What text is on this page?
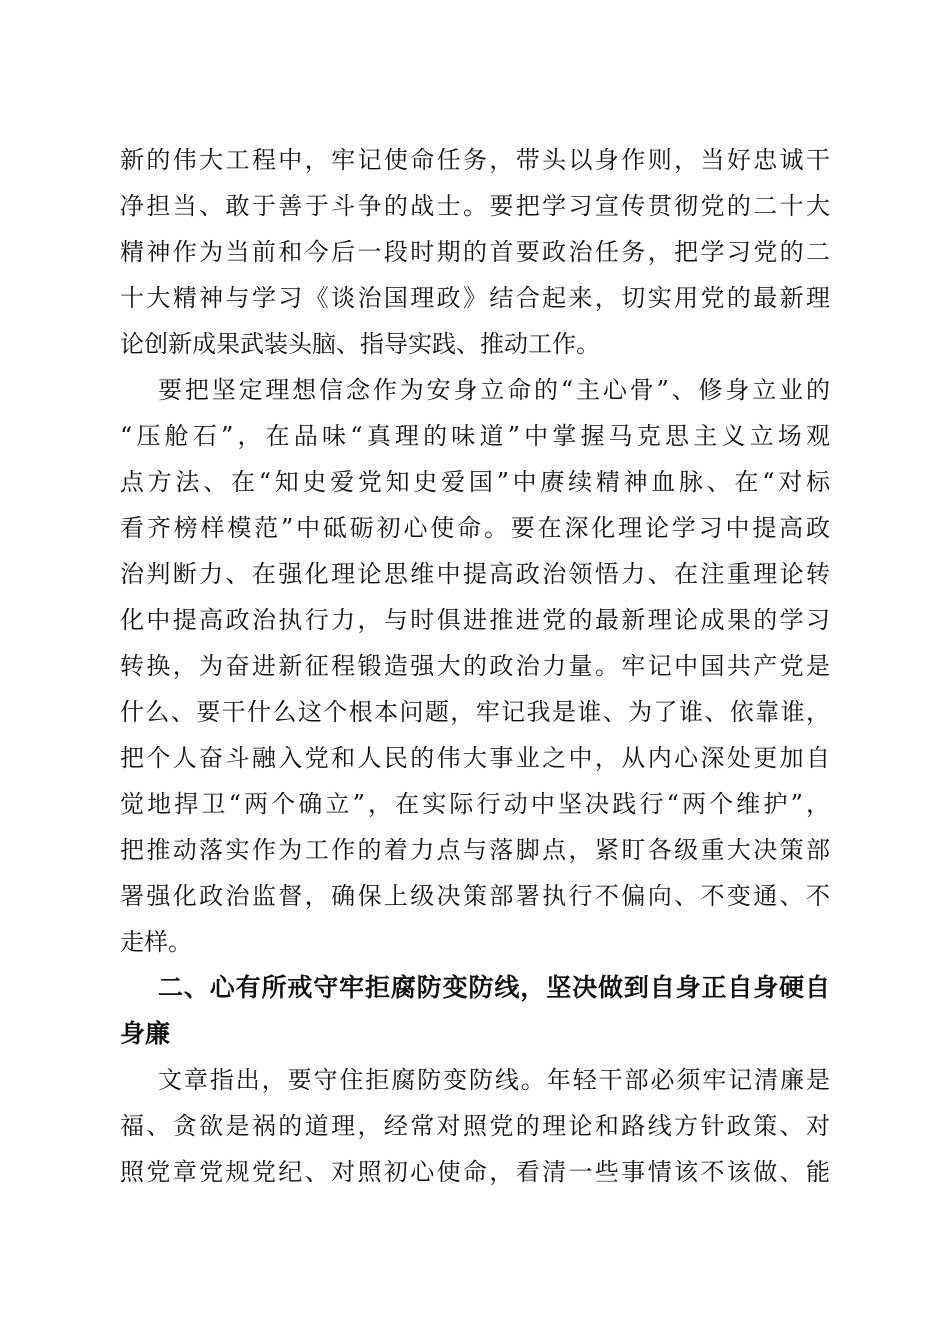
新的伟大工程中，牢记使命任务，带头以身作则，当好忠诚干
净担当、敢于善于斗争的战士。要把学习宣传贯彻党的二十大
精神作为当前和今后一段时期的首要政治任务，把学习党的二
十大精神与学习《谈治国理政》结合起来，切实用党的最新理
论创新成果武装头脑、指导实践、推动工作。
要把坚定理想信念作为安身立命的“主心骨”、修身立业的
“压舱石”，在品味“真理的味道”中掌握马克思主义立场观
点方法、在“知史爱党知史爱国”中赓续精神血脉、在“对标
看齐榜样模范”中砥砺初心使命。要在深化理论学习中提高政
治判断力、在强化理论思维中提高政治领悟力、在注重理论转
化中提高政治执行力，与时俱进推进党的最新理论成果的学习
转换，为奋进新征程锻造强大的政治力量。牢记中国共产党是
什么、要干什么这个根本问题，牢记我是谁、为了谁、依靠谁，
把个人奋斗融入党和人民的伟大事业之中，从内心深处更加自
觉地捍卫“两个确立”，在实际行动中坚决践行“两个维护”，
把推动落实作为工作的着力点与落脚点，紧盯各级重大决策部
署强化政治监督，确保上级决策部署执行不偏向、不变通、不
走样。
二、心有所戒守牢拒腐防变防线，坚决做到自身正自身硬自
身廉
文章指出，要守住拒腐防变防线。年轻干部必须牢记清廉是
福、贪欲是祸的道理，经常对照党的理论和路线方针政策、对
照党章党规党纪、对照初心使命，看清一些事情该不该做、能
